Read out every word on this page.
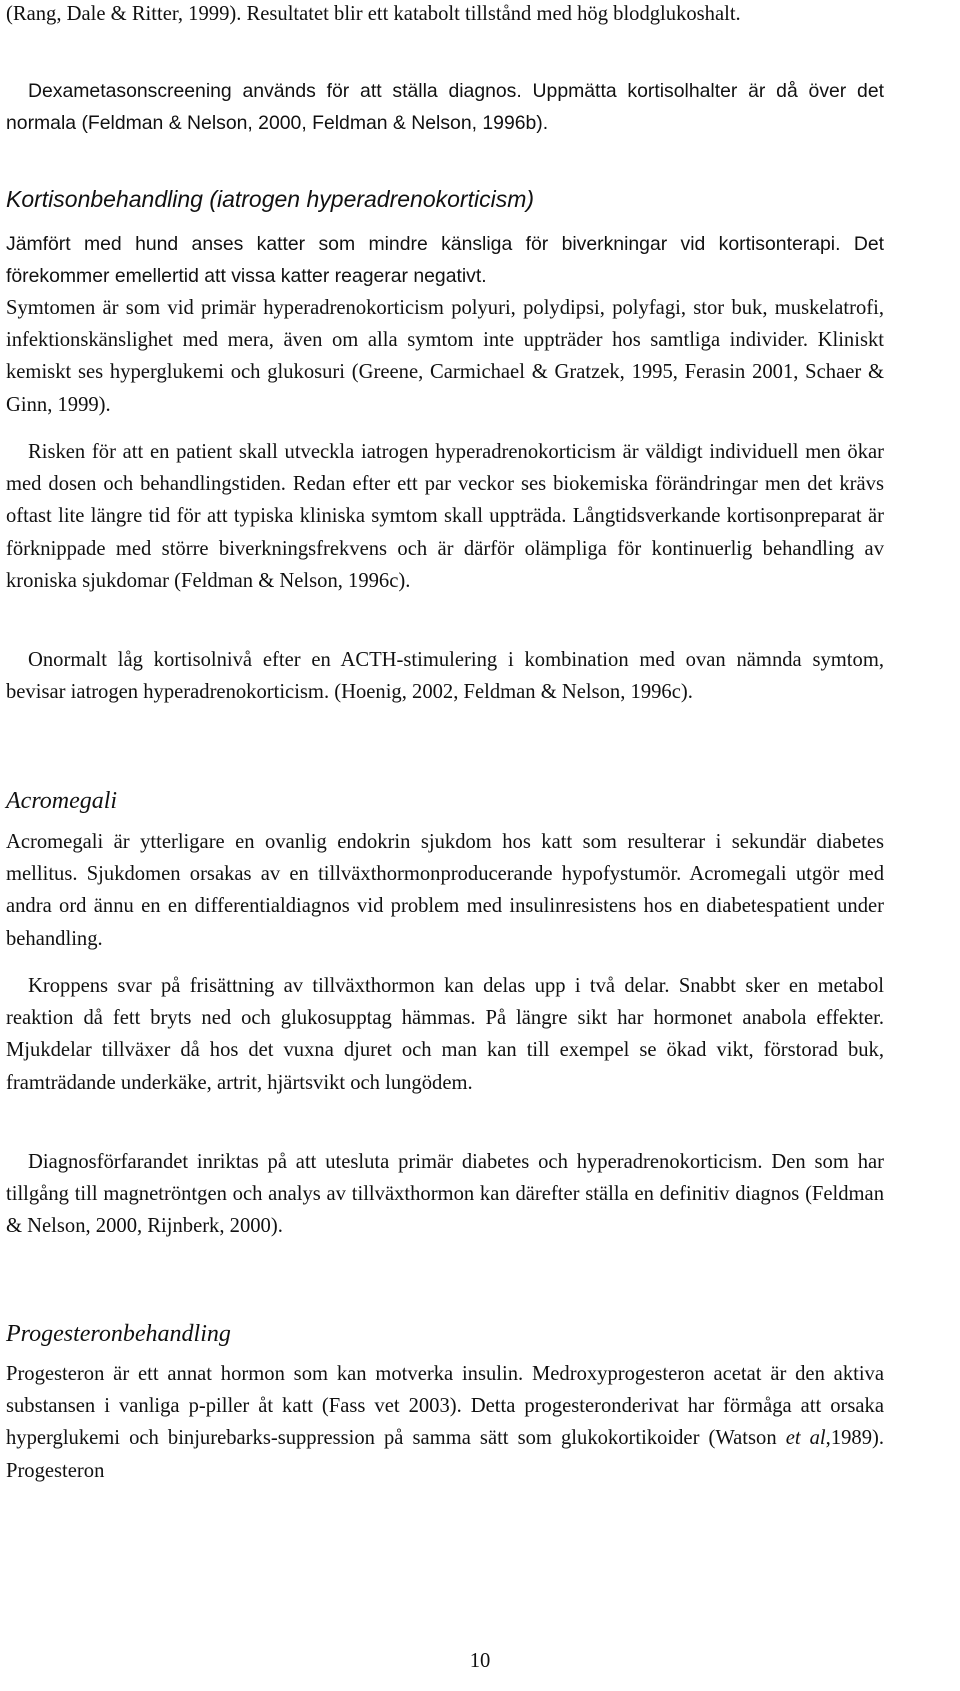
(Rang, Dale & Ritter, 1999). Resultatet blir ett katabolt tillstånd med hög blodglukoshalt.

Dexametasonscreening används för att ställa diagnos. Uppmätta kortisolhalter är då över det normala (Feldman & Nelson, 2000, Feldman & Nelson, 1996b).

Kortisonbehandling (iatrogen hyperadrenokorticism)

Jämfört med hund anses katter som mindre känsliga för biverkningar vid kortisonterapi. Det förekommer emellertid att vissa katter reagerar negativt.

Symtomen är som vid primär hyperadrenokorticism polyuri, polydipsi, polyfagi, stor buk, muskelatrofi, infektionskänslighet med mera, även om alla symtom inte uppträder hos samtliga individer. Kliniskt kemiskt ses hyperglukemi och glukosuri (Greene, Carmichael & Gratzek, 1995, Ferasin 2001, Schaer & Ginn, 1999).

Risken för att en patient skall utveckla iatrogen hyperadrenokorticism är väldigt individuell men ökar med dosen och behandlingstiden. Redan efter ett par veckor ses biokemiska förändringar men det krävs oftast lite längre tid för att typiska kliniska symtom skall uppträda. Långtidsverkande kortisonpreparat är förknippade med större biverkningsfrekvens och är därför olämpliga för kontinuerlig behandling av kroniska sjukdomar (Feldman & Nelson, 1996c).

Onormalt låg kortisolnivå efter en ACTH-stimulering i kombination med ovan nämnda symtom, bevisar iatrogen hyperadrenokorticism. (Hoenig, 2002, Feldman & Nelson, 1996c).

Acromegali

Acromegali är ytterligare en ovanlig endokrin sjukdom hos katt som resulterar i sekundär diabetes mellitus. Sjukdomen orsakas av en tillväxthormonproducerande hypofystumör. Acromegali utgör med andra ord ännu en en differentialdiagnos vid problem med insulinresistens hos en diabetespatient under behandling.

Kroppens svar på frisättning av tillväxthormon kan delas upp i två delar. Snabbt sker en metabol reaktion då fett bryts ned och glukosupptag hämmas. På längre sikt har hormonet anabola effekter. Mjukdelar tillväxer då hos det vuxna djuret och man kan till exempel se ökad vikt, förstorad buk, framträdande underkäke, artrit, hjärtsvikt och lungödem.

Diagnosförfarandet inriktas på att utesluta primär diabetes och hyperadrenokorticism. Den som har tillgång till magnetröntgen och analys av tillväxthormon kan därefter ställa en definitiv diagnos (Feldman & Nelson, 2000, Rijnberk, 2000).

Progesteronbehandling

Progesteron är ett annat hormon som kan motverka insulin. Medroxyprogesteron acetat är den aktiva substansen i vanliga p-piller åt katt (Fass vet 2003). Detta progesteronderivat har förmåga att orsaka hyperglukemi och binjurebarks-suppression på samma sätt som glukokortikoider (Watson et al,1989). Progesteron

10
